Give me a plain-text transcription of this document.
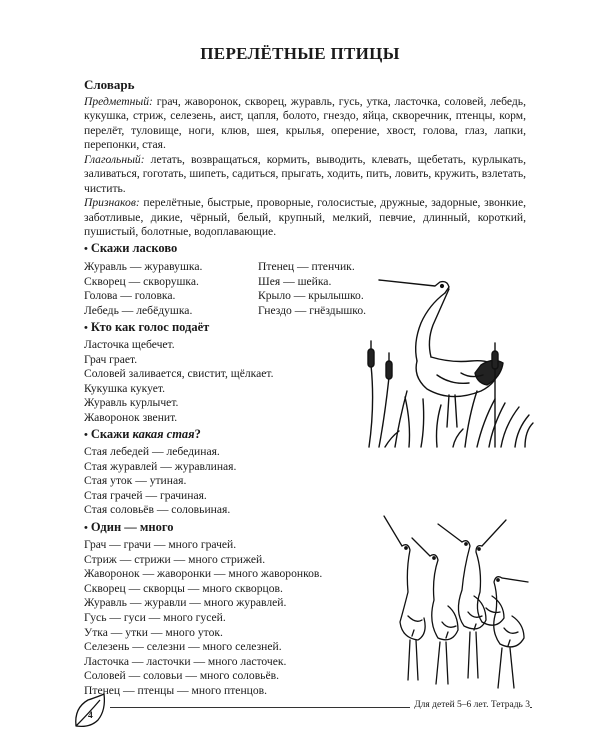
ПЕРЕЛЁТНЫЕ ПТИЦЫ
Словарь

Предметный: грач, жаворонок, скворец, журавль, гусь, утка, ласточка, соловей, лебедь, кукушка, стриж, селезень, аист, цапля, болото, гнездо, яйца, скворечник, птенцы, корм, перелёт, туловище, ноги, клюв, шея, крылья, оперение, хвост, голова, глаз, лапки, перепонки, стая.

Глагольный: летать, возвращаться, кормить, выводить, клевать, щебетать, курлыкать, заливаться, гоготать, шипеть, садиться, прыгать, ходить, пить, ловить, кружить, взлетать, чистить.

Признаков: перелётные, быстрые, проворные, голосистые, дружные, задорные, звонкие, заботливые, дикие, чёрный, белый, крупный, мелкий, певчие, длинный, короткий, пушистый, болотные, водоплавающие.

• Скажи ласково
Журавль — журавушка.
Скворец — скворушка.
Голова — головка.
Лебедь — лебёдушка.
Птенец — птенчик.
Шея — шейка.
Крыло — крылышко.
Гнездо — гнёздышко.
• Кто как голос подаёт
Ласточка щебечет.
Грач граeт.
Соловей заливается, свистит, щёлкает.
Кукушка кукует.
Журавль курлычет.
Жаворонок звенит.
• Скажи какая стая?
Стая лебедей — лебединая.
Стая журавлей — журавлиная.
Стая уток — утиная.
Стая грачей — грачиная.
Стая соловьёв — соловьиная.
• Один — много
Грач — грачи — много грачей.
Стриж — стрижи — много стрижей.
Жаворонок — жаворонки — много жаворонков.
Скворец — скворцы — много скворцов.
Журавль — журавли — много журавлей.
Гусь — гуси — много гусей.
Утка — утки — много уток.
Селезень — селезни — много селезней.
Ласточка — ласточки — много ласточек.
Соловей — соловьи — много соловьёв.
Птенец — птенцы — много птенцов.
4
Для детей 5–6 лет. Тетрадь 3
